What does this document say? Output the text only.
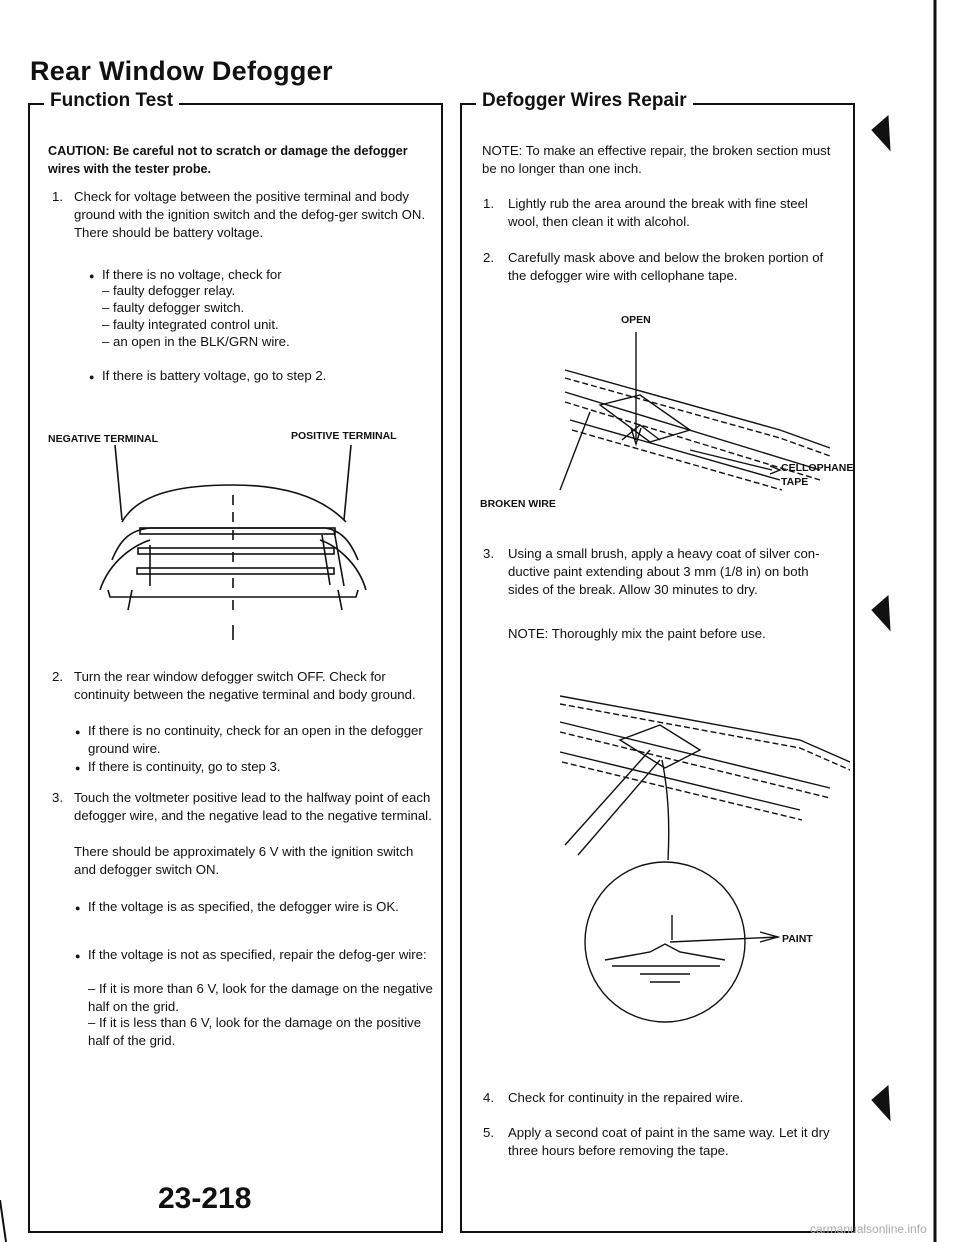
Rear Window Defogger
Function Test
CAUTION: Be careful not to scratch or damage the defogger wires with the tester probe.
1. Check for voltage between the positive terminal and body ground with the ignition switch and the defog-ger switch ON. There should be battery voltage.
● If there is no voltage, check for
– faulty defogger relay.
– faulty defogger switch.
– faulty integrated control unit.
– an open in the BLK/GRN wire.
● If there is battery voltage, go to step 2.
NEGATIVE TERMINAL	POSITIVE TERMINAL
2. Turn the rear window defogger switch OFF. Check for continuity between the negative terminal and body ground.
● If there is no continuity, check for an open in the defogger ground wire.
● If there is continuity, go to step 3.
3. Touch the voltmeter positive lead to the halfway point of each defogger wire, and the negative lead to the negative terminal.
There should be approximately 6 V with the ignition switch and defogger switch ON.
● If the voltage is as specified, the defogger wire is OK.
● If the voltage is not as specified, repair the defog-ger wire:
– If it is more than 6 V, look for the damage on the negative half on the grid.
– If it is less than 6 V, look for the damage on the positive half of the grid.
Defogger Wires Repair
NOTE: To make an effective repair, the broken section must be no longer than one inch.
1. Lightly rub the area around the break with fine steel wool, then clean it with alcohol.
2. Carefully mask above and below the broken portion of the defogger wire with cellophane tape.
OPEN
CELLOPHANE
TAPE
BROKEN WIRE
3. Using a small brush, apply a heavy coat of silver con-ductive paint extending about 3 mm (1/8 in) on both sides of the break. Allow 30 minutes to dry.
NOTE: Thoroughly mix the paint before use.
PAINT
4. Check for continuity in the repaired wire.
5. Apply a second coat of paint in the same way. Let it dry three hours before removing the tape.
23-218
carmanualsonline.info
